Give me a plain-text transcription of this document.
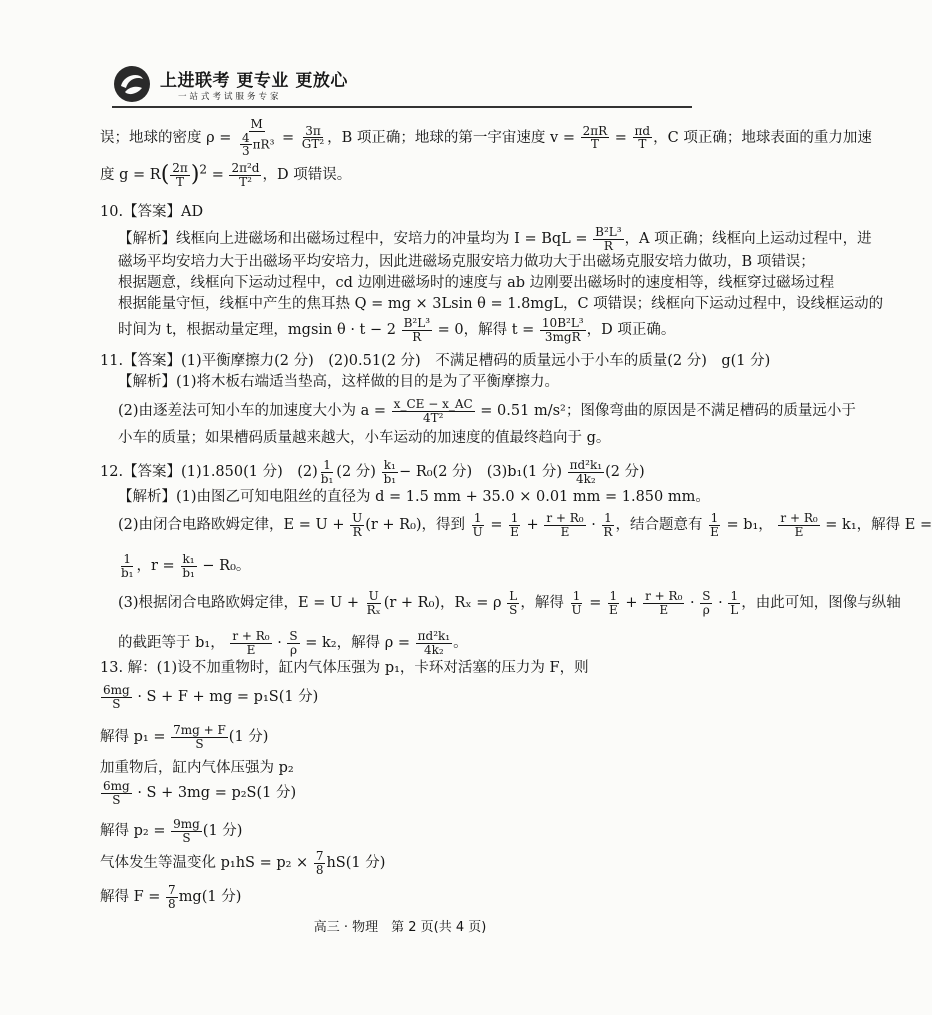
上进联考 更专业 更放心
一站式考试服务专家
误；地球的密度 $\rho = \frac{M}{\frac{4}{3} \pi R^3} = \frac{3\pi}{\text{GT²}}$ ，B 项正确；地球的第一宇宙速度 $v = \frac{2\pi R}{T} = \frac{\pi d}{T}$ ，C 项正确；地球表面的重力加速
度 $g = R( \frac{2\pi}{T} )^2 = \frac{\text{2π²d}}{\text{T²}}$ ，D 项错误。
10.【答案】AD
【解析】线框向上进磁场和出磁场过程中，安培力的冲量均为 I = BqL = $\frac{\text{B²L³}}{R}$ ，A 项正确；线框向上运动过程中，进
磁场平均安培力大于出磁场平均安培力，因此进磁场克服安培力做功大于出磁场克服安培力做功，B 项错误；
根据题意，线框向下运动过程中，cd 边刚进磁场时的速度与 ab 边刚要出磁场时的速度相等，线框穿过磁场过程
根据能量守恒，线框中产生的焦耳热 Q = mg × 3Lsin θ = 1.8mgL，C 项错误；线框向下运动过程中，设线框运动的
时间为 t，根据动量定理，mgsin $\theta \cdot t - 2 \frac{\text{B²L³}}{R} = 0$，解得 $t = \frac{\text{10B²L³}}{\text{3mgR}}$ ，D 项正确。
11.【答案】(1)平衡摩擦力(2 分)　(2)0.51(2 分)　不满足槽码的质量远小于小车的质量(2 分)　g(1 分)
【解析】(1)将木板右端适当垫高，这样做的目的是为了平衡摩擦力。
(2)由逐差法可知小车的加速度大小为 $a = \frac{x\_CE - x\_AC}{\text{4T²}} = 0.51$ m/s²；图像弯曲的原因是不满足槽码的质量远小于
小车的质量；如果槽码质量越来越大，小车运动的加速度的值最终趋向于 g。
12.【答案】(1)1.850(1 分)　$(2) \frac{1}{\text{b₁}} (2$ 分) $\frac{\text{k₁}}{\text{b₁}} - R_0(2$ 分)　(3)b₁(1 分) $\frac{\text{πd²k₁}}{\text{4k₂}} (2$ 分)
【解析】(1)由图乙可知电阻丝的直径为 d = 1.5 mm + 35.0 × 0.01 mm = 1.850 mm。
(2)由闭合电路欧姆定律，$E = U + \frac{U}{R} (r + R_0)$，得到 $\frac{1}{U} = \frac{1}{E} + \frac{\text{r + R₀}}{E} \cdot \frac{1}{R}$ ，结合题意有 $\frac{1}{E} = b_1$， $\frac{\text{r + R₀}}{E} = k_1$，解得 E =
$\frac{1}{\text{b₁}}$ ，$r = \frac{\text{k₁}}{\text{b₁}} - R_0$。
(3)根据闭合电路欧姆定律，$E = U + \frac{U}{\text{Rₓ}} (r + R_0)$，Rₓ = ρ $\frac{L}{S}$ ，解得 $\frac{1}{U} = \frac{1}{E} + \frac{\text{r + R₀}}{E} \cdot \frac{S}{\rho} \cdot \frac{1}{L}$ ，由此可知，图像与纵轴
的截距等于 b₁， $\frac{\text{r + R₀}}{E} \cdot \frac{S}{\rho} = k_2$，解得 $\rho = \frac{\text{πd²k₁}}{\text{4k₂}}$ 。
13. 解：(1)设不加重物时，缸内气体压强为 p₁，卡环对活塞的压力为 F，则
$\frac{6mg}{S} \cdot S + F$ + mg = p₁S(1 分)
解得 $p_1 = \frac{7mg + F}{S} (1$ 分)
加重物后，缸内气体压强为 p₂
$\frac{6mg}{S} \cdot S + 3mg = p_2S(1$ 分)
解得 $p_2 = \frac{9mg}{S} (1$ 分)
气体发生等温变化 $p_1hS = p_2 \times \frac{7}{8} hS(1$ 分)
解得 $F = \frac{7}{8} mg(1$ 分)
高三 · 物理　第 2 页(共 4 页)
